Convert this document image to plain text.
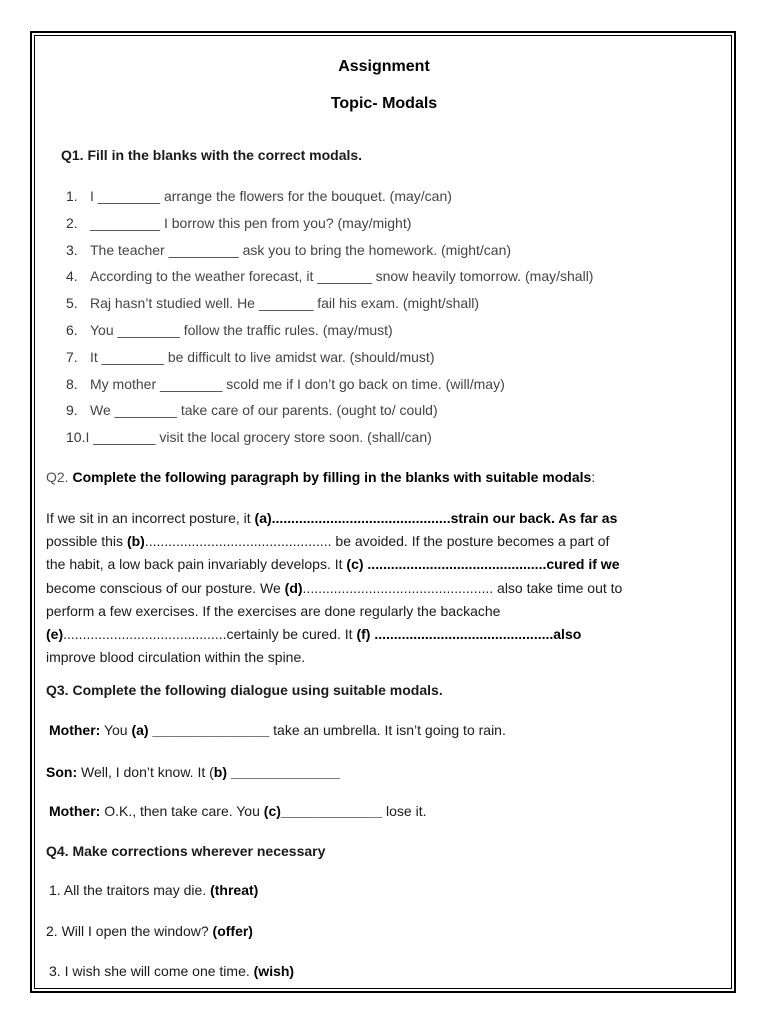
Assignment
Topic- Modals
Q1. Fill in the blanks with the correct modals.
1. I ________ arrange the flowers for the bouquet. (may/can)
2. _________ I borrow this pen from you? (may/might)
3. The teacher _________ ask you to bring the homework. (might/can)
4. According to the weather forecast, it _______ snow heavily tomorrow. (may/shall)
5. Raj hasn’t studied well. He _______ fail his exam. (might/shall)
6. You ________ follow the traffic rules. (may/must)
7. It ________ be difficult to live amidst war. (should/must)
8. My mother ________ scold me if I don’t go back on time. (will/may)
9. We ________ take care of our parents. (ought to/ could)
10.I ________ visit the local grocery store soon. (shall/can)
Q2. Complete the following paragraph by filling in the blanks with suitable modals:
If we sit in an incorrect posture, it (a)..............................................strain our back. As far as
possible this (b)................................................ be avoided. If the posture becomes a part of
the habit, a low back pain invariably develops. It (c) ..............................................cured if we
become conscious of our posture. We (d)................................................. also take time out to
perform a few exercises. If the exercises are done regularly the backache
(e)..........................................certainly be cured. It (f) ..............................................also
improve blood circulation within the spine.
Q3. Complete the following dialogue using suitable modals.
Mother: You (a) _______________ take an umbrella. It isn’t going to rain.
Son: Well, I don’t know. It (b) ______________
Mother: O.K., then take care. You (c)_____________ lose it.
Q4. Make corrections wherever necessary
1. All the traitors may die. (threat)
2. Will I open the window? (offer)
3. I wish she will come one time. (wish)
